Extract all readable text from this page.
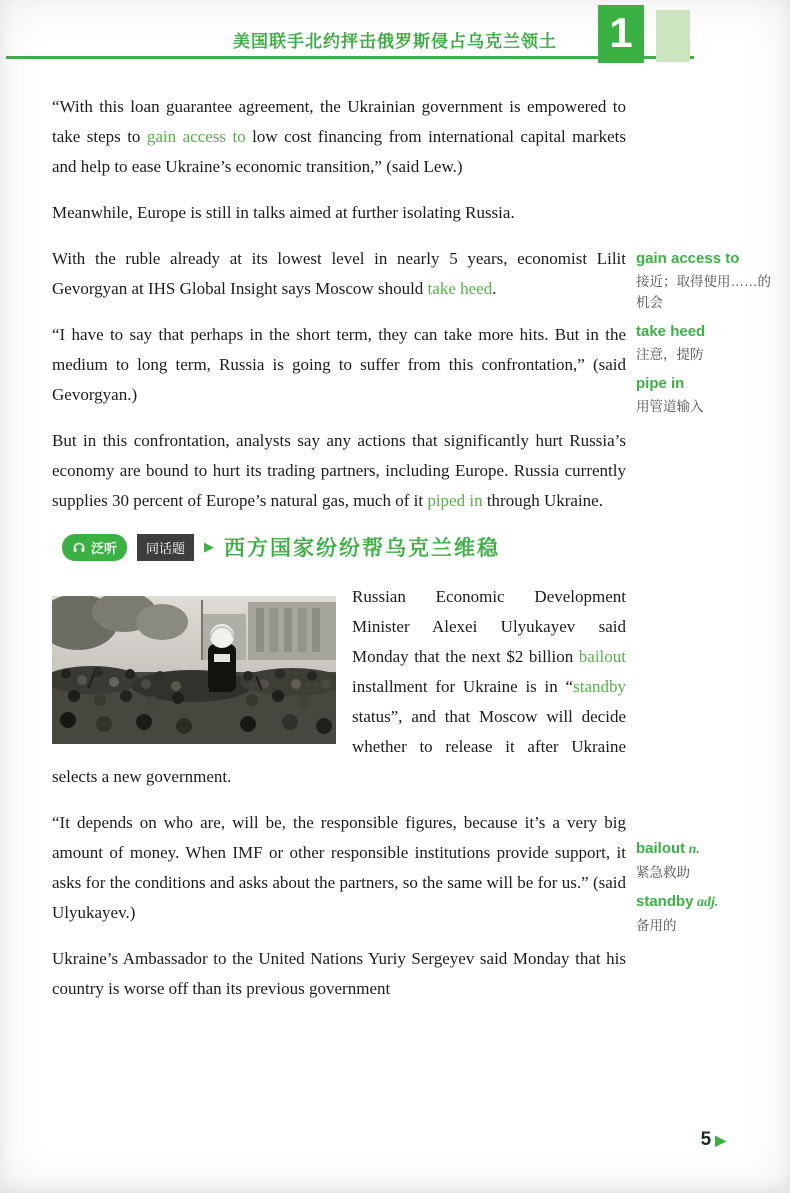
美国联手北约抨击俄罗斯侵占乌克兰领土	1

“With this loan guarantee agreement, the Ukrainian government is empowered to take steps to gain access to low cost financing from international capital markets and help to ease Ukraine’s economic transition,” (said Lew.)

Meanwhile, Europe is still in talks aimed at further isolating Russia.

With the ruble already at its lowest level in nearly 5 years, economist Lilit Gevorgyan at IHS Global Insight says Moscow should take heed.

“I have to say that perhaps in the short term, they can take more hits. But in the medium to long term, Russia is going to suffer from this confrontation,” (said Gevorgyan.)

But in this confrontation, analysts say any actions that significantly hurt Russia’s economy are bound to hurt its trading partners, including Europe. Russia currently supplies 30 percent of Europe’s natural gas, much of it piped in through Ukraine.

泛听	同话题	▶ 西方国家纷纷帮乌克兰维稳

Russian Economic Development Minister Alexei Ulyukayev said Monday that the next $2 billion bailout installment for Ukraine is in “standby status”, and that Moscow will decide whether to release it after Ukraine selects a new government.

“It depends on who are, will be, the responsible figures, because it’s a very big amount of money. When IMF or other responsible institutions provide support, it asks for the conditions and asks about the partners, so the same will be for us.” (said Ulyukayev.)

Ukraine’s Ambassador to the United Nations Yuriy Sergeyev said Monday that his country is worse off than its previous government

gain access to
接近；取得使用……的机会
take heed
注意，提防
pipe in
用管道输入
bailout n.
紧急救助
standby adj.
备用的
5 ▶
